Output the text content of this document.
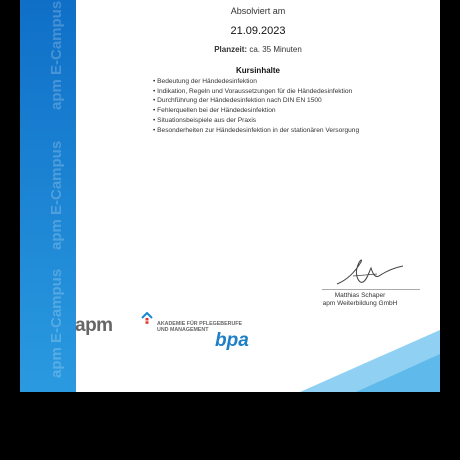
apm E-Campus
apm E-Campus
apm E-Campus
Absolviert am
21.09.2023
Planzeit: ca. 35 Minuten
Kursinhalte
• Bedeutung der Händedesinfektion
• Indikation, Regeln und Voraussetzungen für die Händedesinfektion
• Durchführung der Händedesinfektion nach DIN EN 1500
• Fehlerquellen bei der Händedesinfektion
• Situationsbeispiele aus der Praxis
• Besonderheiten zur Händedesinfektion in der stationären Versorgung
Matthias Schaper
apm Weiterbildung GmbH
apm	AKADEMIE FÜR PFLEGEBERUFE
UND MANAGEMENT bpa
